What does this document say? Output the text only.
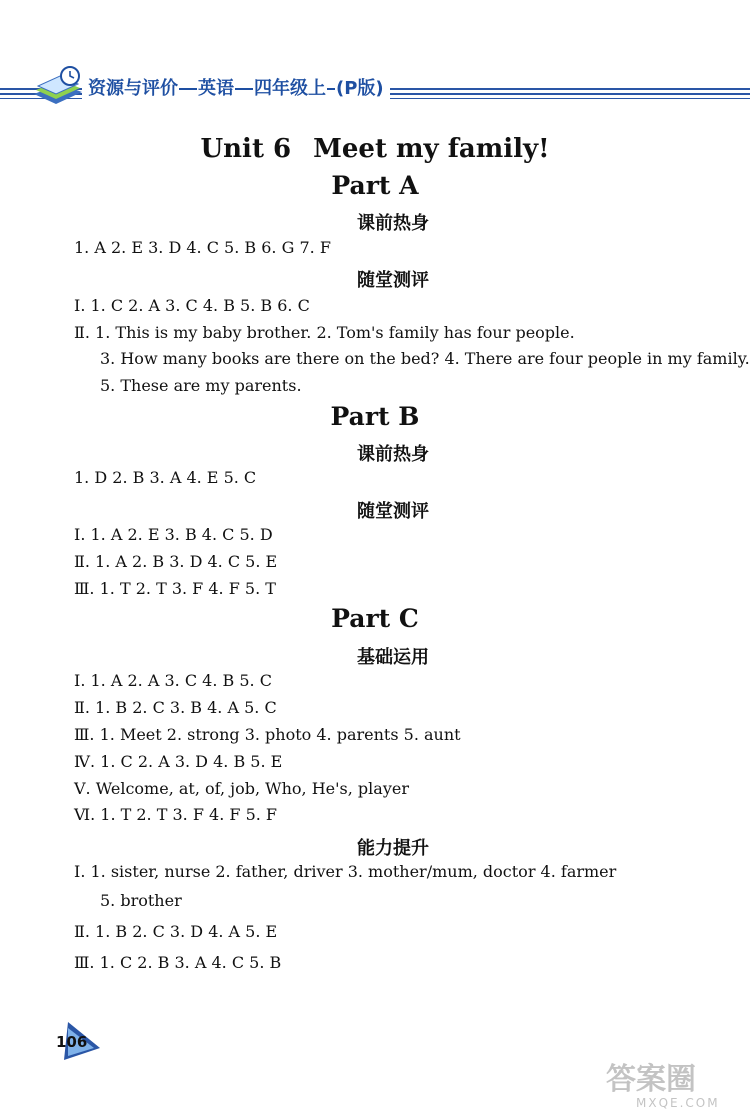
资源与评价 英语 四年级上 (P版)
Unit 6 Meet my family!
Part A
课前热身
1. A 2. E 3. D 4. C 5. B 6. G 7. F
随堂测评
Ⅰ. 1. C 2. A 3. C 4. B 5. B 6. C
Ⅱ. 1. This is my baby brother. 2. Tom's family has four people.
3. How many books are there on the bed? 4. There are four people in my family.
5. These are my parents.
Part B
课前热身
1. D 2. B 3. A 4. E 5. C
随堂测评
Ⅰ. 1. A 2. E 3. B 4. C 5. D
Ⅱ. 1. A 2. B 3. D 4. C 5. E
Ⅲ. 1. T 2. T 3. F 4. F 5. T
Part C
基础运用
Ⅰ. 1. A 2. A 3. C 4. B 5. C
Ⅱ. 1. B 2. C 3. B 4. A 5. C
Ⅲ. 1. Meet 2. strong 3. photo 4. parents 5. aunt
Ⅳ. 1. C 2. A 3. D 4. B 5. E
Ⅴ. Welcome, at, of, job, Who, He's, player
Ⅵ. 1. T 2. T 3. F 4. F 5. F
能力提升
Ⅰ. 1. sister, nurse 2. father, driver 3. mother/mum, doctor 4. farmer
5. brother
Ⅱ. 1. B 2. C 3. D 4. A 5. E
Ⅲ. 1. C 2. B 3. A 4. C 5. B
106
答案圈
MXQE.COM
